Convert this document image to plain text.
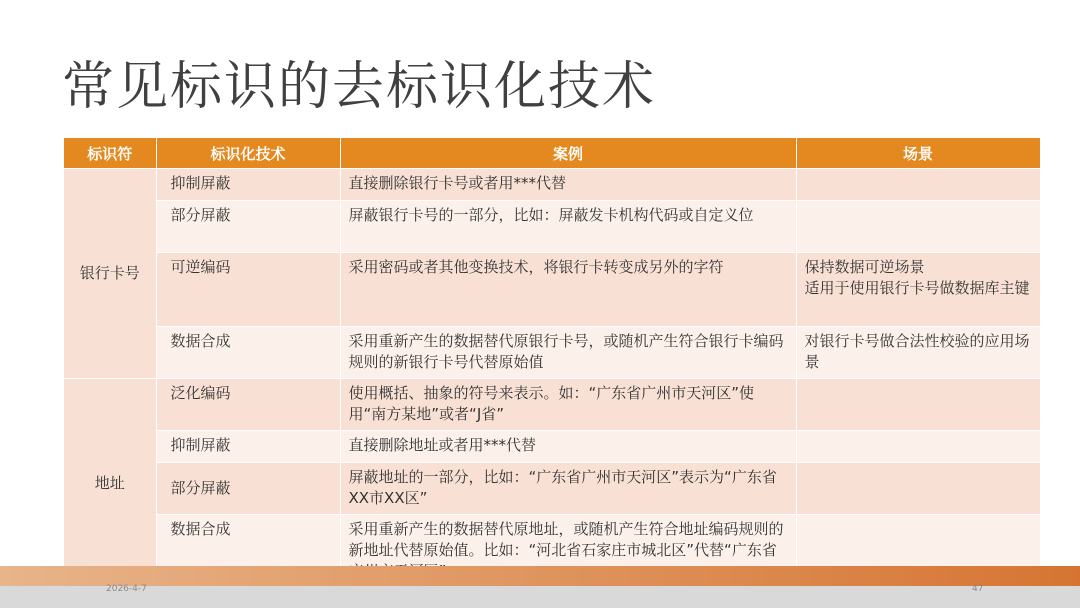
常见标识的去标识化技术
标识符	标识化技术	案例	场景
银行卡号	抑制屏蔽	直接删除银行卡号或者用***代替	
	部分屏蔽	屏蔽银行卡号的一部分，比如：屏蔽发卡机构代码或自定义位	
	可逆编码	采用密码或者其他变换技术，将银行卡转变成另外的字符	保持数据可逆场景
适用于使用银行卡号做数据库主键
	数据合成	采用重新产生的数据替代原银行卡号，或随机产生符合银行卡编码规则的新银行卡号代替原始值	对银行卡号做合法性校验的应用场景
地址	泛化编码	使用概括、抽象的符号来表示。如：“广东省广州市天河区”使用“南方某地”或者“J省”	
	抑制屏蔽	直接删除地址或者用***代替	
	部分屏蔽	屏蔽地址的一部分，比如：“广东省广州市天河区”表示为“广东省XX市XX区”	
	数据合成	采用重新产生的数据替代原地址，或随机产生符合地址编码规则的新地址代替原始值。比如：“河北省石家庄市城北区”代替“广东省	
2026-4-7	47
